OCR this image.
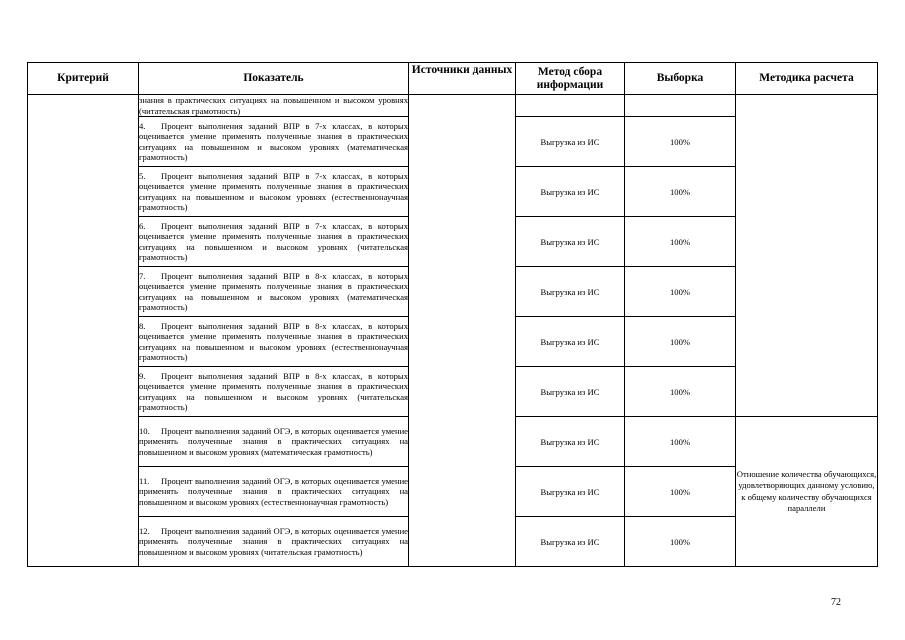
Критерий	Показатель	Источники данных	Метод сбора информации	Выборка	Методика расчета
	знания в практических ситуациях на повышенном и высоком уровнях (читательская грамотность)				
	4. Процент выполнения заданий ВПР в 7-х классах, в которых оценивается умение применять полученные знания в практических ситуациях на повышенном и высоком уровнях (математическая грамотность)		Выгрузка из ИС	100%	
	5. Процент выполнения заданий ВПР в 7-х классах, в которых оценивается умение применять полученные знания в практических ситуациях на повышенном и высоком уровнях (естественнонаучная грамотность)		Выгрузка из ИС	100%	
	6. Процент выполнения заданий ВПР в 7-х классах, в которых оценивается умение применять полученные знания в практических ситуациях на повышенном и высоком уровнях (читательская грамотность)		Выгрузка из ИС	100%	
	7. Процент выполнения заданий ВПР в 8-х классах, в которых оценивается умение применять полученные знания в практических ситуациях на повышенном и высоком уровнях (математическая грамотность)		Выгрузка из ИС	100%	
	8. Процент выполнения заданий ВПР в 8-х классах, в которых оценивается умение применять полученные знания в практических ситуациях на повышенном и высоком уровнях (естественнонаучная грамотность)		Выгрузка из ИС	100%	
	9. Процент выполнения заданий ВПР в 8-х классах, в которых оценивается умение применять полученные знания в практических ситуациях на повышенном и высоком уровнях (читательская грамотность)		Выгрузка из ИС	100%	
	10. Процент выполнения заданий ОГЭ, в которых оценивается умение применять полученные знания в практических ситуациях на повышенном и высоком уровнях (математическая грамотность)		Выгрузка из ИС	100%	Отношение количества обучающихся, удовлетворяющих данному условию, к общему количеству обучающихся параллели
	11. Процент выполнения заданий ОГЭ, в которых оценивается умение применять полученные знания в практических ситуациях на повышенном и высоком уровнях (естественнонаучная грамотность)		Выгрузка из ИС	100%	
	12. Процент выполнения заданий ОГЭ, в которых оценивается умение применять полученные знания в практических ситуациях на повышенном и высоком уровнях (читательская грамотность)		Выгрузка из ИС	100%	
72
